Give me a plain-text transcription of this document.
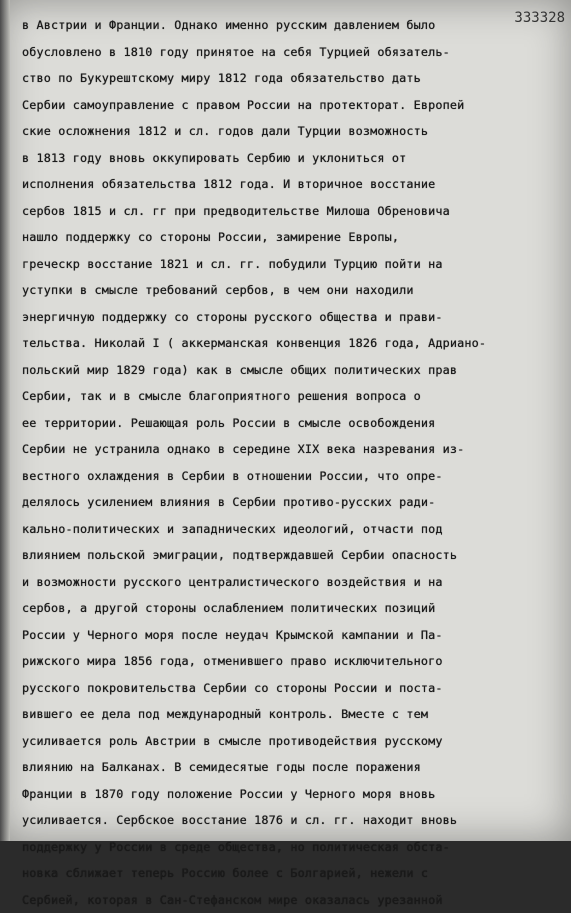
333328
в Австрии и Франции. Однако именно русским давлением было
обусловлено в 1810 году принятое на себя Турцией обязатель-
ство по Букурештскому миру 1812 года обязательство дать
Сербии самоуправление с правом России на протекторат. Европей
ские осложнения 1812 и сл. годов дали Турции возможность
в 1813 году вновь оккупировать Сербию и уклониться от
исполнения обязательства 1812 года. И вторичное восстание
сербов 1815 и сл. гг при предводительстве Милоша Обреновича
нашло поддержку со стороны России, замирение Европы,
греческр восстание 1821 и сл. гг. побудили Турцию пойти на
уступки в смысле требований сербов, в чем они находили
энергичную поддержку со стороны русского общества и прави-
тельства. Николай I ( аккерманская конвенция 1826 года, Адриано-
польский мир 1829 года) как в смысле общих политических прав
Сербии, так и в смысле благоприятного решения вопроса о
ее территории. Решающая роль России в смысле освобождения
Сербии не устранила однако в середине XIX века назревания из-
вестного охлаждения в Сербии в отношении России, что опре-
делялось усилением влияния в Сербии противо-русских ради-
кально-политических и западнических идеологий, отчасти под
влиянием польской эмиграции, подтверждавшей Сербии опасность
и возможности русского централистического воздействия и на
сербов, а другой стороны ослаблением политических позиций
России у Черного моря после неудач Крымской кампании и Па-
рижского мира 1856 года, отменившего право исключительного
русского покровительства Сербии со стороны России и поста-
вившего ее дела под международный контроль. Вместе с тем
усиливается роль Австрии в смысле противодействия русскому
влиянию на Балканах. В семидесятые годы после поражения
Франции в 1870 году положение России у Черного моря вновь
усиливается. Сербское восстание 1876 и сл. гг. находит вновь
поддержку у России в среде общества, но политическая обста-
новка сближает теперь Россию более с Болгарией, нежели с
Сербией, которая в Сан-Стефанском мире оказалась урезанной
